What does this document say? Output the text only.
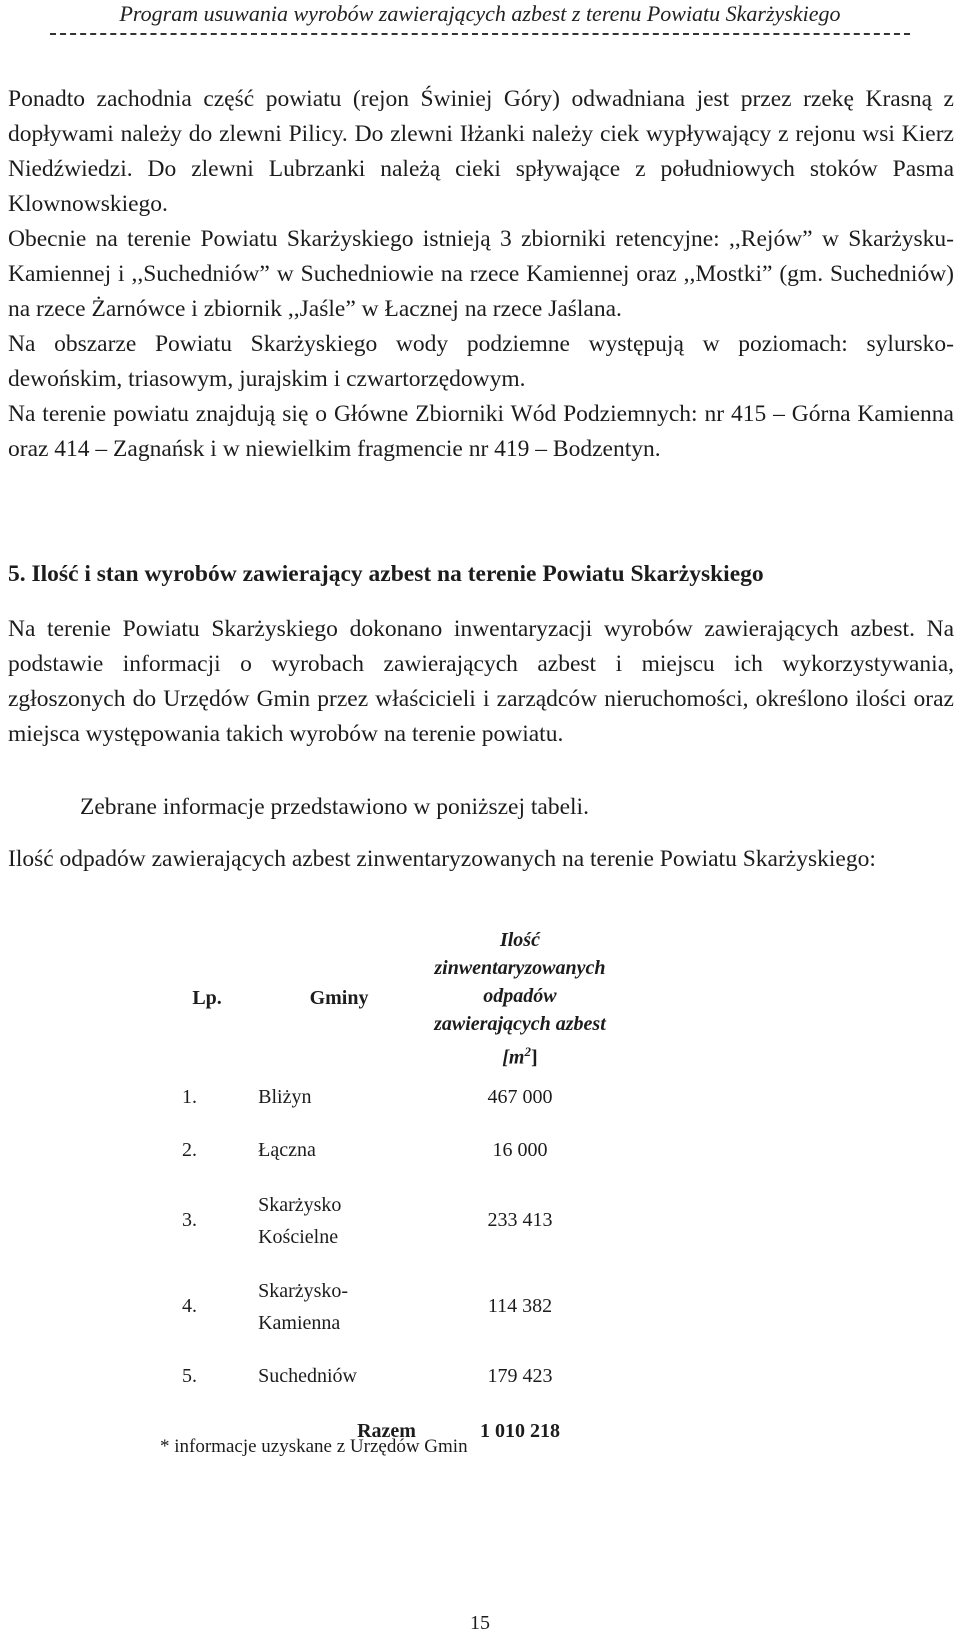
Program usuwania wyrobów zawierających azbest z terenu Powiatu Skarżyskiego

Ponadto zachodnia część powiatu (rejon Świniej Góry) odwadniana jest przez rzekę Krasną z dopływami należy do zlewni Pilicy. Do zlewni Iłżanki należy ciek wypływający z rejonu wsi Kierz Niedźwiedzi. Do zlewni Lubrzanki należą cieki spływające z południowych stoków Pasma Klownowskiego.

Obecnie na terenie Powiatu Skarżyskiego istnieją 3 zbiorniki retencyjne: ,,Rejów” w Skarżysku-Kamiennej i ,,Suchedniów” w Suchedniowie na rzece Kamiennej oraz ,,Mostki” (gm. Suchedniów) na rzece Żarnówce i zbiornik ,,Jaśle” w Łacznej na rzece Jaślana.

Na obszarze Powiatu Skarżyskiego wody podziemne występują w poziomach: sylursko- dewońskim, triasowym, jurajskim i czwartorzędowym.

Na terenie powiatu znajdują się o Główne Zbiorniki Wód Podziemnych: nr 415 – Górna Kamienna oraz 414 – Zagnańsk i w niewielkim fragmencie nr 419 – Bodzentyn.

5. Ilość i stan wyrobów zawierający azbest na terenie Powiatu Skarżyskiego

Na terenie Powiatu Skarżyskiego dokonano inwentaryzacji wyrobów zawierających azbest. Na podstawie informacji o wyrobach zawierających azbest i miejscu ich wykorzystywania, zgłoszonych do Urzędów Gmin przez właścicieli i zarządców nieruchomości, określono ilości oraz miejsca występowania takich wyrobów na terenie powiatu.

Zebrane informacje przedstawiono w poniższej tabeli.

Ilość odpadów zawierających azbest zinwentaryzowanych na terenie Powiatu Skarżyskiego:

Lp.	Gminy	Ilość zinwentaryzowanych
odpadów
zawierających azbest $[m^2]$
1.	Bliżyn	467 000
2.	Łączna	16 000
3.	Skarżysko
Kościelne	233 413
4.	Skarżysko-
Kamienna	114 382
5.	Suchedniów	179 423
	Razem	1 010 218
* informacje uzyskane z Urzędów Gmin
15
